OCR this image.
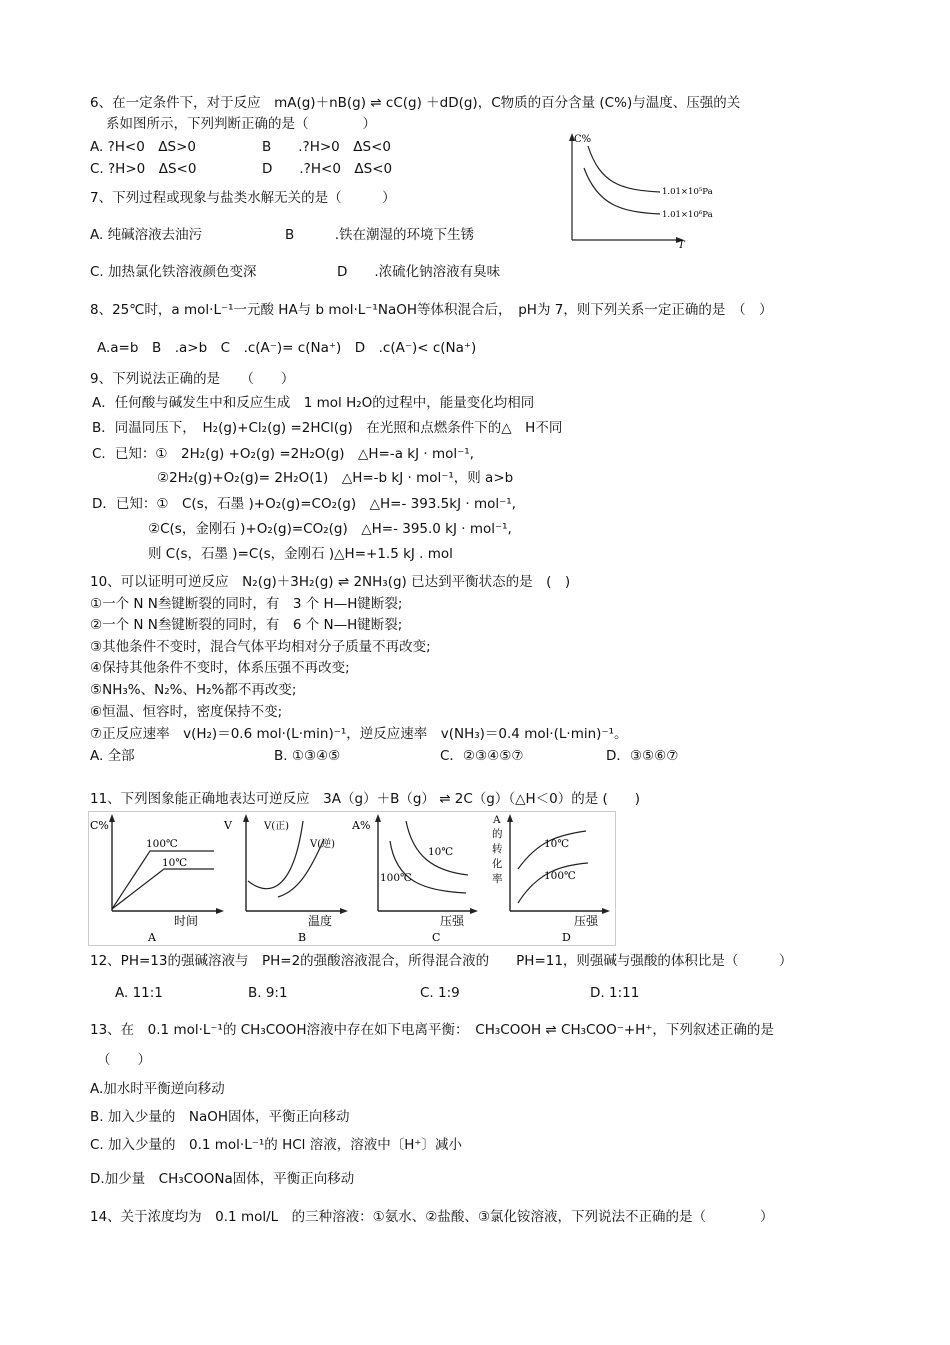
6、在一定条件下，对于反应　mA(g)＋nB(g) ⇌ cC(g) ＋dD(g)，C物质的百分含量 (C%)与温度、压强的关
系如图所示，下列判断正确的是（　　　　）
A. ?H<0　ΔS>0	B　　.?H>0　ΔS<0
C. ?H>0　ΔS<0	D　　.?H<0　ΔS<0
C%
T
1.01×10⁵Pa
1.01×10⁶Pa
7、下列过程或现象与盐类水解无关的是（　　　）
A. 纯碱溶液去油污	B　　　.铁在潮湿的环境下生锈
C. 加热氯化铁溶液颜色变深	D　　.浓硫化钠溶液有臭味
8、25℃时，a mol·L⁻¹一元酸 HA与 b mol·L⁻¹NaOH等体积混合后，　pH为 7，则下列关系一定正确的是　（　）
A.a=b　B　.a>b　C　.c(A⁻)= c(Na⁺)　D　.c(A⁻)< c(Na⁺)
9、下列说法正确的是　　（　　）
A．任何酸与碱发生中和反应生成　1 mol H₂O的过程中，能量变化均相同
B．同温同压下，　H₂(g)+Cl₂(g) =2HCl(g)　在光照和点燃条件下的△　H不同
C．已知：①　2H₂(g) +O₂(g) =2H₂O(g)　△H=-a kJ · mol⁻¹,
②2H₂(g)+O₂(g)= 2H₂O(1)　△H=-b kJ · mol⁻¹，则 a>b
D．已知：①　C(s，石墨 )+O₂(g)=CO₂(g)　△H=- 393.5kJ · mol⁻¹,
②C(s，金刚石 )+O₂(g)=CO₂(g)　△H=- 395.0 kJ · mol⁻¹,
则 C(s，石墨 )=C(s，金刚石 )△H=+1.5 kJ . mol
10、可以证明可逆反应　N₂(g)＋3H₂(g) ⇌ 2NH₃(g) 已达到平衡状态的是　(　)
①一个 N N叁键断裂的同时，有　3 个 H—H键断裂;
②一个 N N叁键断裂的同时，有　6 个 N—H键断裂;
③其他条件不变时，混合气体平均相对分子质量不再改变;
④保持其他条件不变时，体系压强不再改变;
⑤NH₃%、N₂%、H₂%都不再改变;
⑥恒温、恒容时，密度保持不变;
⑦正反应速率　v(H₂)＝0.6 mol·(L·min)⁻¹，逆反应速率　v(NH₃)＝0.4 mol·(L·min)⁻¹。
A. 全部	B. ①③④⑤	C．②③④⑤⑦	D．③⑤⑥⑦
11、下列图象能正确地表达可逆反应　3A（g）＋B（g） ⇌ 2C（g）（△H＜0）的是 (　　)
C%
100℃
10℃
时间
A
V	V(正)
V(逆)
温度
B
A%
10℃
100℃
压强
C
A 的转化率
10℃
100℃
压强
D
12、PH=13的强碱溶液与　PH=2的强酸溶液混合，所得混合液的　　PH=11，则强碱与强酸的体积比是（　　　）
A. 11:1	B. 9:1	C. 1:9	D. 1:11
13、在　0.1 mol·L⁻¹的 CH₃COOH溶液中存在如下电离平衡：　CH₃COOH ⇌ CH₃COO⁻+H⁺，下列叙述正确的是
（　　）
A.加水时平衡逆向移动
B. 加入少量的　NaOH固体，平衡正向移动
C. 加入少量的　0.1 mol·L⁻¹的 HCl 溶液，溶液中〔H⁺〕减小
D.加少量　CH₃COONa固体，平衡正向移动
14、关于浓度均为　0.1 mol/L　的三种溶液：①氨水、②盐酸、③氯化铵溶液，下列说法不正确的是（　　　　）
